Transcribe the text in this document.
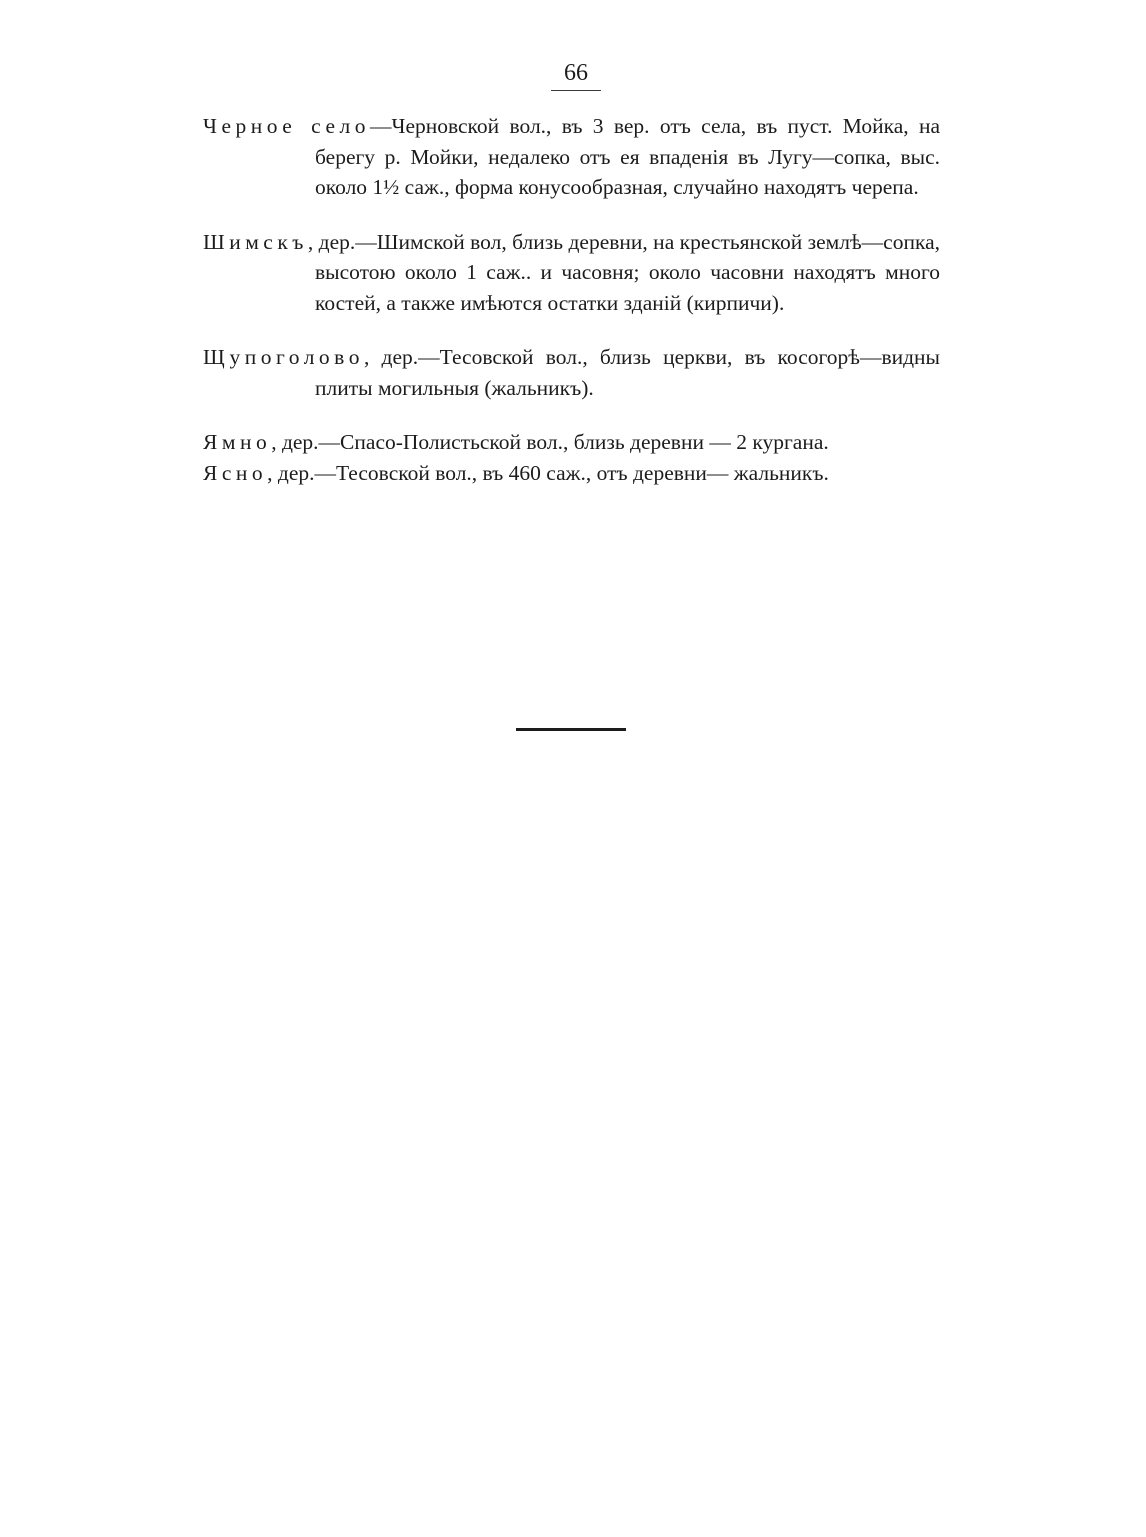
66

Черное село—Черновской вол., въ 3 вер. отъ села, въ пуст. Мойка, на берегу р. Мойки, недалеко отъ ея впаденія въ Лугу—сопка, выс. около 1½ саж., форма конусообразная, случайно находятъ черепа.

Шимскъ, дер.—Шимской вол, близь деревни, на крестьянской землѣ—сопка, высотою около 1 саж.. и часовня; около часовни находятъ много костей, а также имѣются остатки зданій (кирпичи).

Щупоголово, дер.—Тесовской вол., близь церкви, въ косогорѣ—видны плиты могильныя (жальникъ).

Ямно, дер.—Спасо-Полистьской вол., близь деревни — 2 кургана.

Ясно, дер.—Тесовской вол., въ 460 саж., отъ деревни— жальникъ.
